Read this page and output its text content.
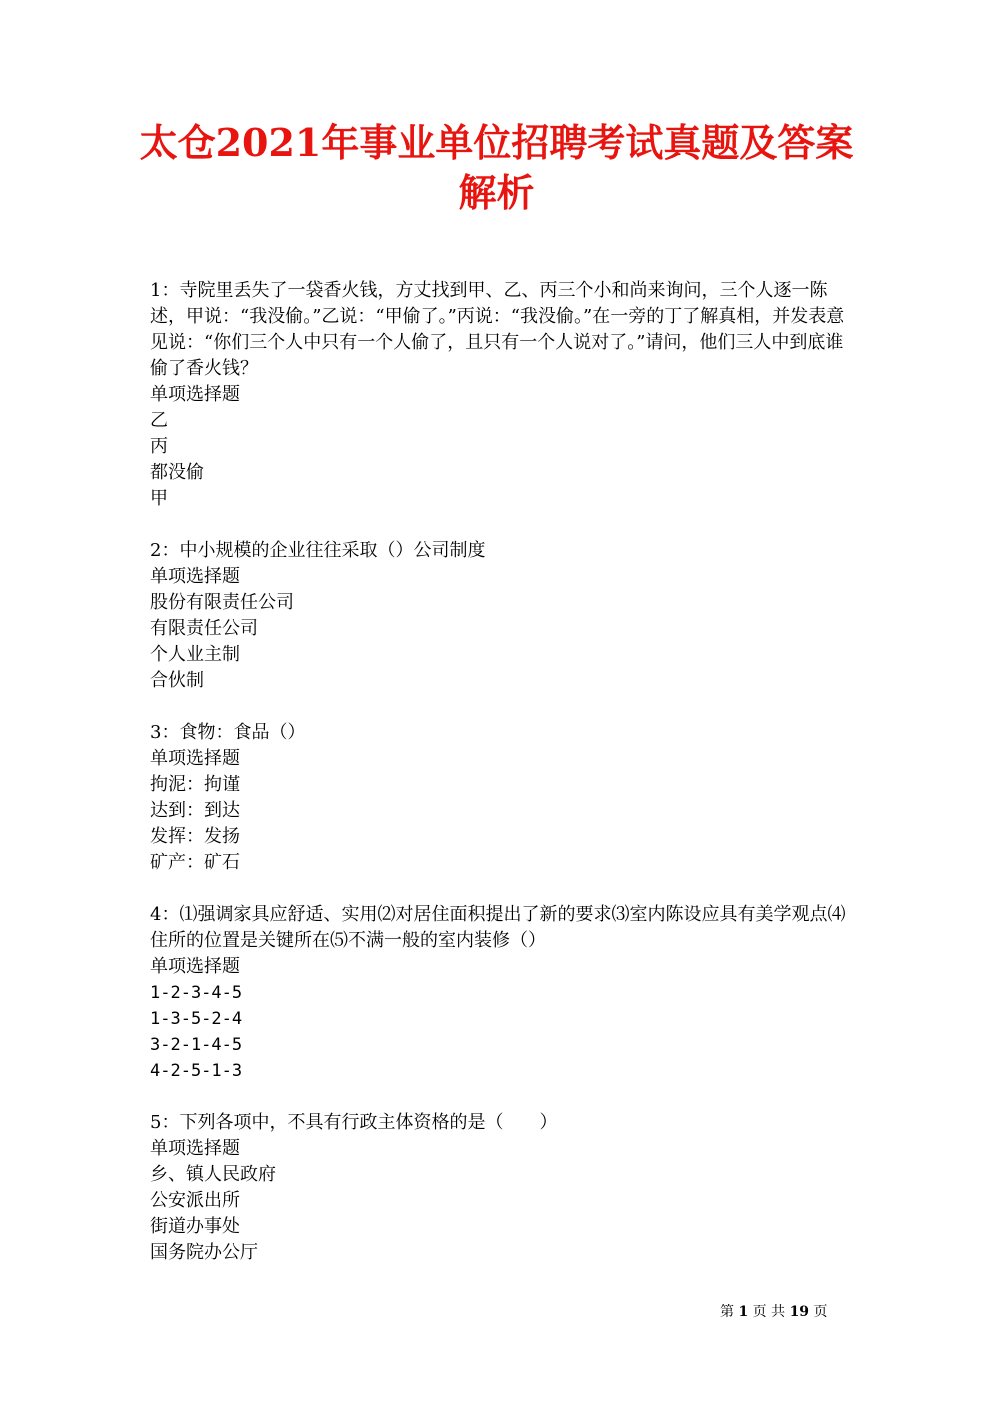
太仓2021年事业单位招聘考试真题及答案
解析

1：寺院里丢失了一袋香火钱，方丈找到甲、乙、丙三个小和尚来询问，三个人逐一陈述，甲说：“我没偷。”乙说：“甲偷了。”丙说：“我没偷。”在一旁的丁了解真相，并发表意见说：“你们三个人中只有一个人偷了，且只有一个人说对了。”请问，他们三人中到底谁偷了香火钱？

单项选择题

乙

丙

都没偷

甲

2：中小规模的企业往往采取（）公司制度

单项选择题

股份有限责任公司

有限责任公司

个人业主制

合伙制

3：食物：食品（）

单项选择题

拘泥：拘谨

达到：到达

发挥：发扬

矿产：矿石

4：⑴强调家具应舒适、实用⑵对居住面积提出了新的要求⑶室内陈设应具有美学观点⑷住所的位置是关键所在⑸不满一般的室内装修（）

单项选择题

1-2-3-4-5

1-3-5-2-4

3-2-1-4-5

4-2-5-1-3

5：下列各项中，不具有行政主体资格的是（　　）

单项选择题

乡、镇人民政府

公安派出所

街道办事处

国务院办公厅

第 1 页 共 19 页
